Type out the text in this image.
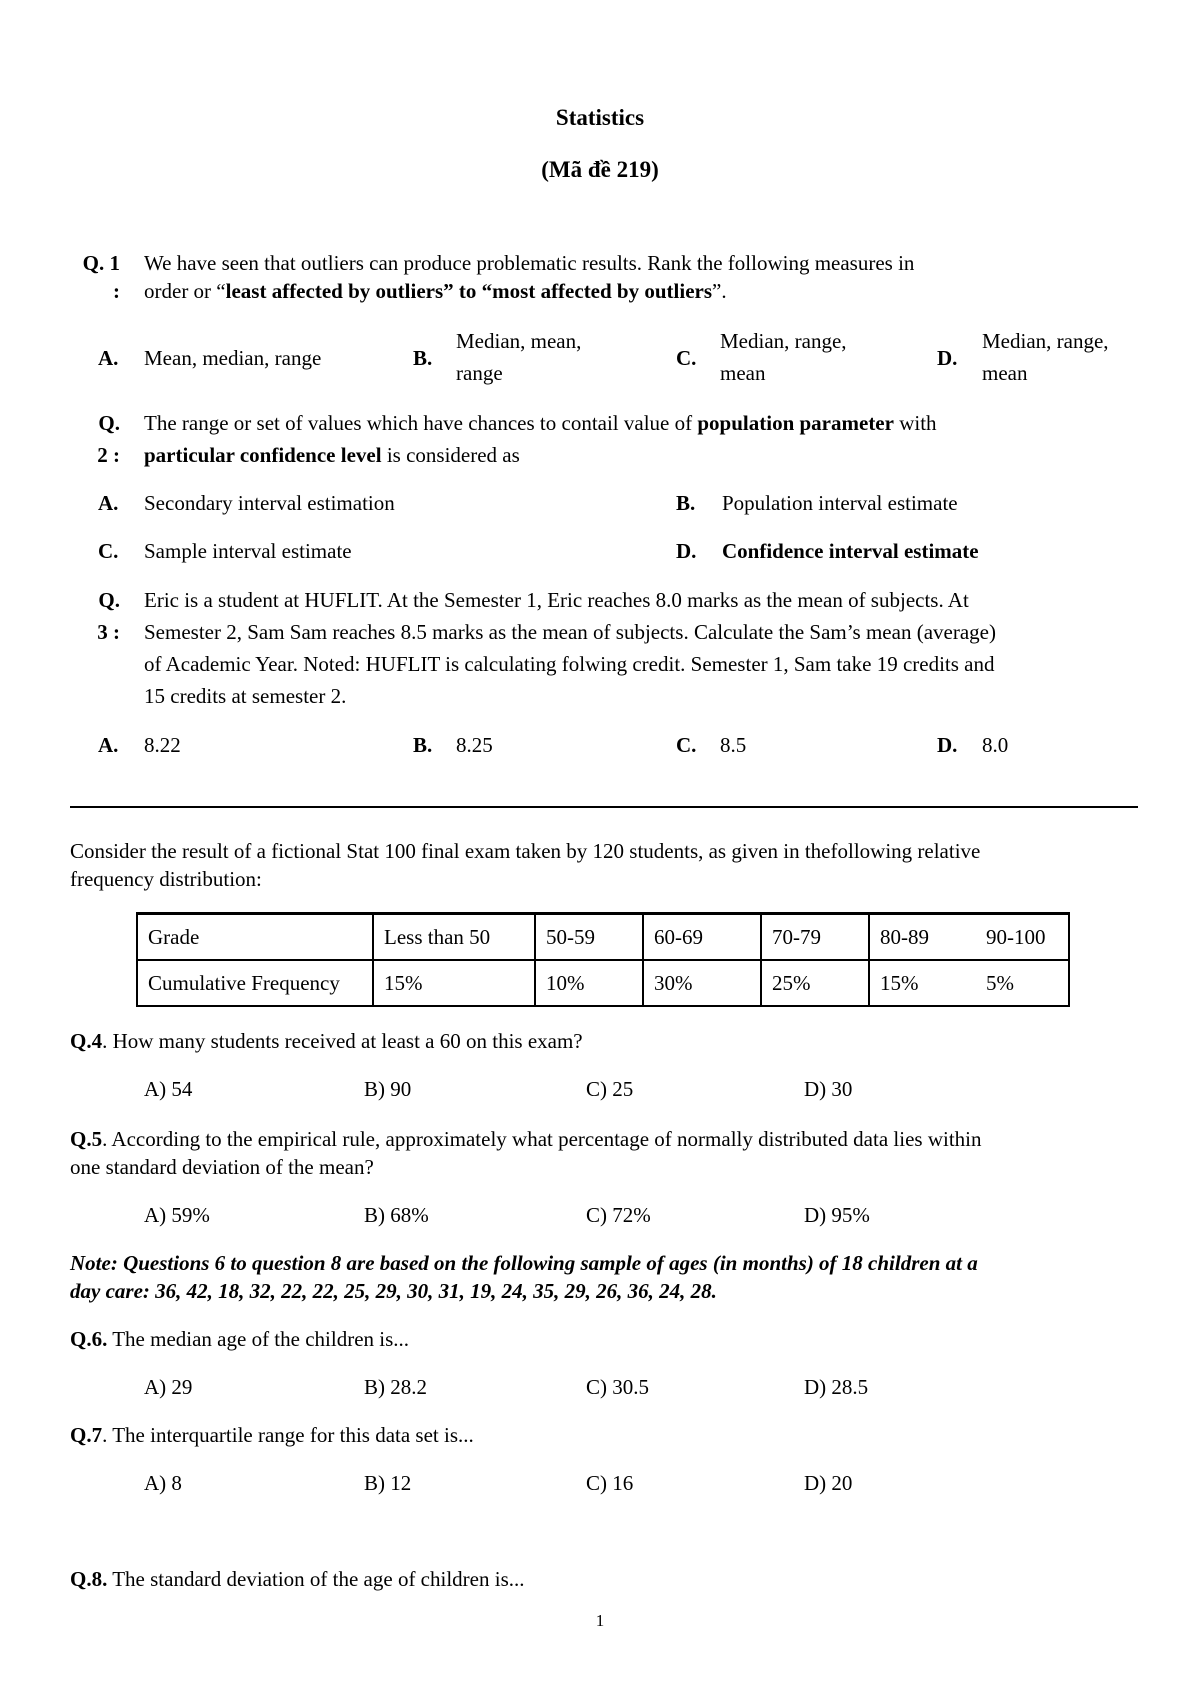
Statistics
(Mã đề 219)
Q. 1
:
We have seen that outliers can produce problematic results. Rank the following measures in
order or “least affected by outliers” to “most affected by outliers”.
A. Mean, median, range	B.
Median, mean,
range
C.
Median, range,
mean
D.
Median, range,
mean
Q.
2 :
The range or set of values which have chances to contail value of population parameter with
particular confidence level is considered as
A. Secondary interval estimation	B. Population interval estimate
C. Sample interval estimate	D. Confidence interval estimate
Q.
3 :
Eric is a student at HUFLIT. At the Semester 1, Eric reaches 8.0 marks as the mean of subjects. At
Semester 2, Sam Sam reaches 8.5 marks as the mean of subjects. Calculate the Sam’s mean (average)
of Academic Year. Noted: HUFLIT is calculating folwing credit. Semester 1, Sam take 19 credits and
15 credits at semester 2.
A. 8.22	B. 8.25	C. 8.5	D. 8.0
Consider the result of a fictional Stat 100 final exam taken by 120 students, as given in thefollowing relative
frequency distribution:
Grade	Less than 50	50-59	60-69	70-79	80-89	90-100
Cumulative Frequency	15%	10%	30%	25%	15%	5%
Q.4. How many students received at least a 60 on this exam?
A) 54	B) 90	C) 25	D) 30
Q.5. According to the empirical rule, approximately what percentage of normally distributed data lies within
one standard deviation of the mean?
A) 59%	B) 68%	C) 72%	D) 95%
Note: Questions 6 to question 8 are based on the following sample of ages (in months) of 18 children at a
day care: 36, 42, 18, 32, 22, 22, 25, 29, 30, 31, 19, 24, 35, 29, 26, 36, 24, 28.
Q.6. The median age of the children is...
A) 29	B) 28.2	C) 30.5	D) 28.5
Q.7. The interquartile range for this data set is...
A) 8	B) 12	C) 16	D) 20
Q.8. The standard deviation of the age of children is...
1
